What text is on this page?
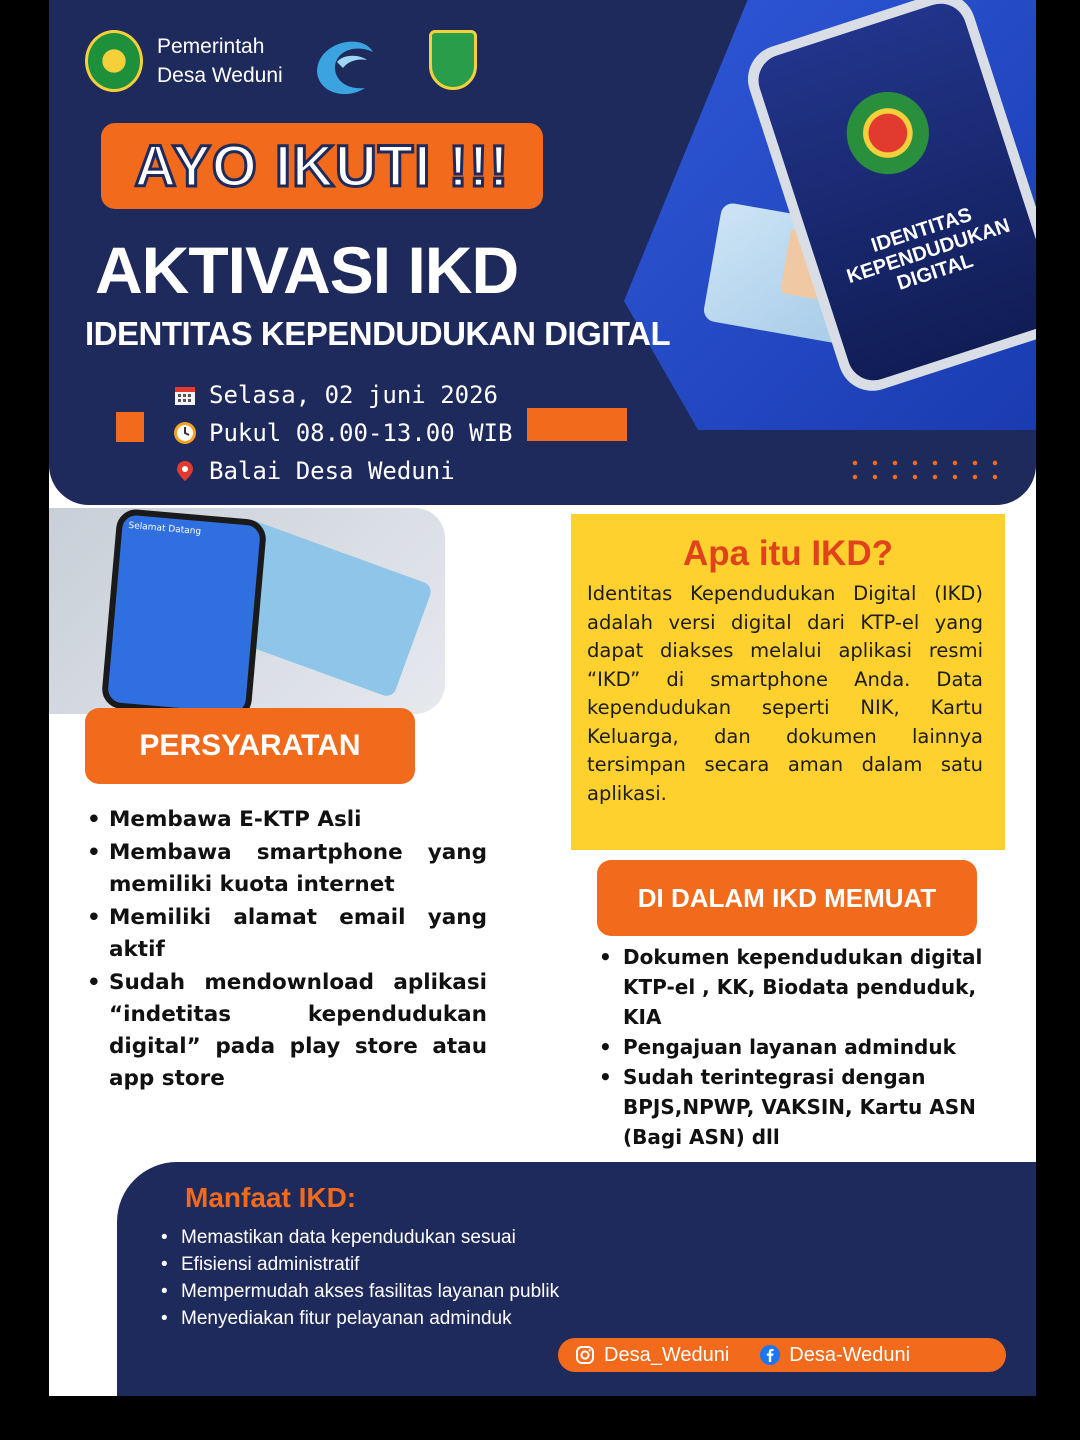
Pemerintah
Desa Weduni
AYO IKUTI !!!
AKTIVASI IKD
IDENTITAS KEPENDUDUKAN DIGITAL
Selasa, 02 juni 2026
Pukul 08.00-13.00 WIB
Balai Desa Weduni
IDENTITAS KEPENDUDUKAN DIGITAL
Selamat Datang
PERSYARATAN
• Membawa E-KTP Asli
• Membawa smartphone yang memiliki kuota internet
• Memiliki alamat email yang aktif
• Sudah mendownload aplikasi “indetitas kependudukan digital” pada play store atau app store
Apa itu IKD?
Identitas Kependudukan Digital (IKD) adalah versi digital dari KTP-el yang dapat diakses melalui aplikasi resmi “IKD” di smartphone Anda. Data kependudukan seperti NIK, Kartu Keluarga, dan dokumen lainnya tersimpan secara aman dalam satu aplikasi.
DI DALAM IKD MEMUAT
• Dokumen kependudukan digital KTP-el , KK, Biodata penduduk, KIA
• Pengajuan layanan adminduk
• Sudah terintegrasi dengan BPJS,NPWP, VAKSIN, Kartu ASN (Bagi ASN) dll
Manfaat IKD:
• Memastikan data kependudukan sesuai
• Efisiensi administratif
• Mempermudah akses fasilitas layanan publik
• Menyediakan fitur pelayanan adminduk
Desa_Weduni	Desa-Weduni
